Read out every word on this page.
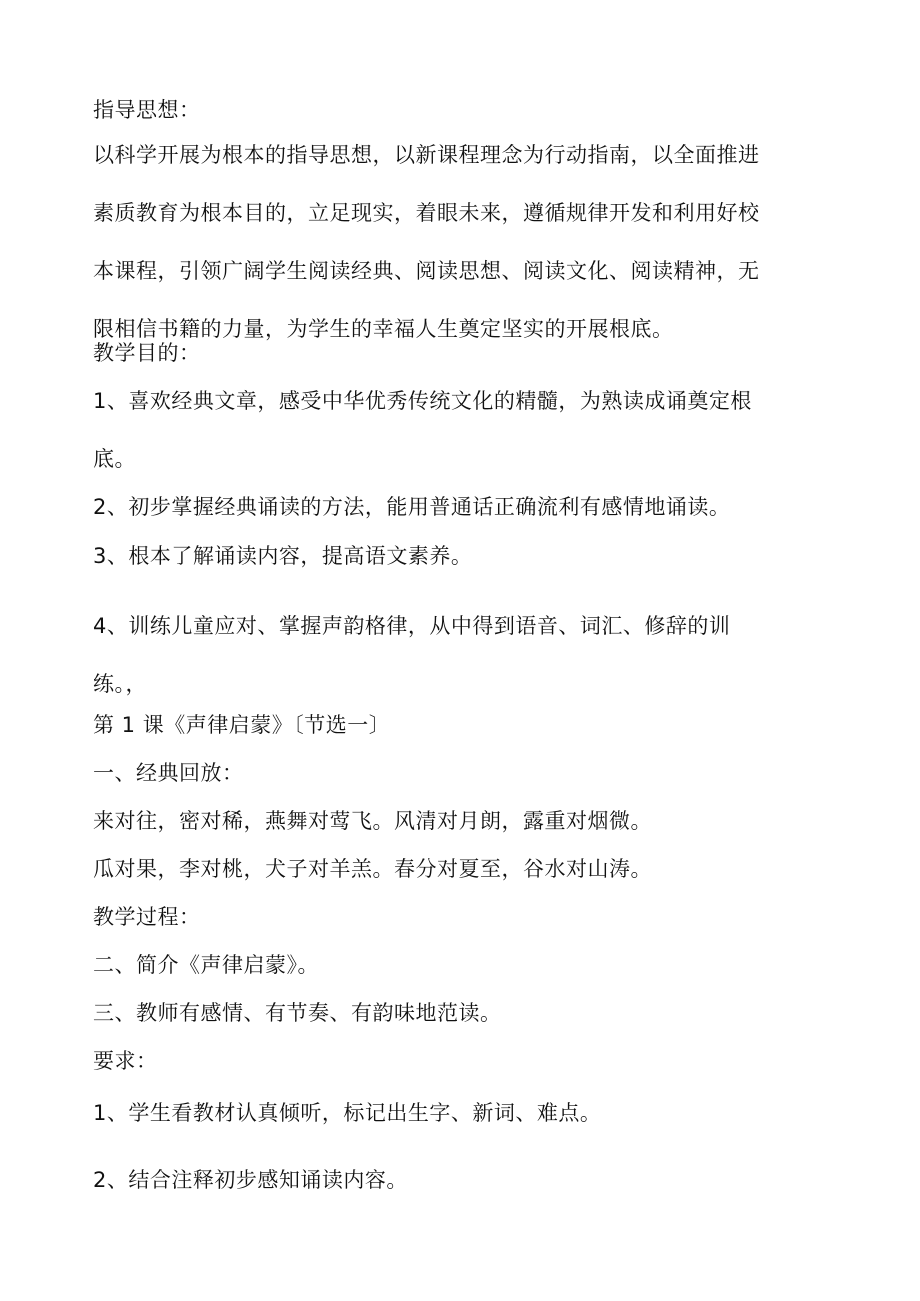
指导思想：
以科学开展为根本的指导思想，以新课程理念为行动指南，以全面推进
素质教育为根本目的，立足现实，着眼未来，遵循规律开发和利用好校
本课程，引领广阔学生阅读经典、阅读思想、阅读文化、阅读精神，无
限相信书籍的力量，为学生的幸福人生奠定坚实的开展根底。
教学目的：
1、喜欢经典文章，感受中华优秀传统文化的精髓，为熟读成诵奠定根
底。
2、初步掌握经典诵读的方法，能用普通话正确流利有感情地诵读。
3、根本了解诵读内容，提高语文素养。
4、训练儿童应对、掌握声韵格律，从中得到语音、词汇、修辞的训
练。，
第 1 课《声律启蒙》〔节选一〕
一、经典回放：
来对往，密对稀，燕舞对莺飞。风清对月朗，露重对烟微。
瓜对果，李对桃，犬子对羊羔。春分对夏至，谷水对山涛。
教学过程：
二、简介《声律启蒙》。
三、教师有感情、有节奏、有韵味地范读。
要求：
1、学生看教材认真倾听，标记出生字、新词、难点。
2、结合注释初步感知诵读内容。
